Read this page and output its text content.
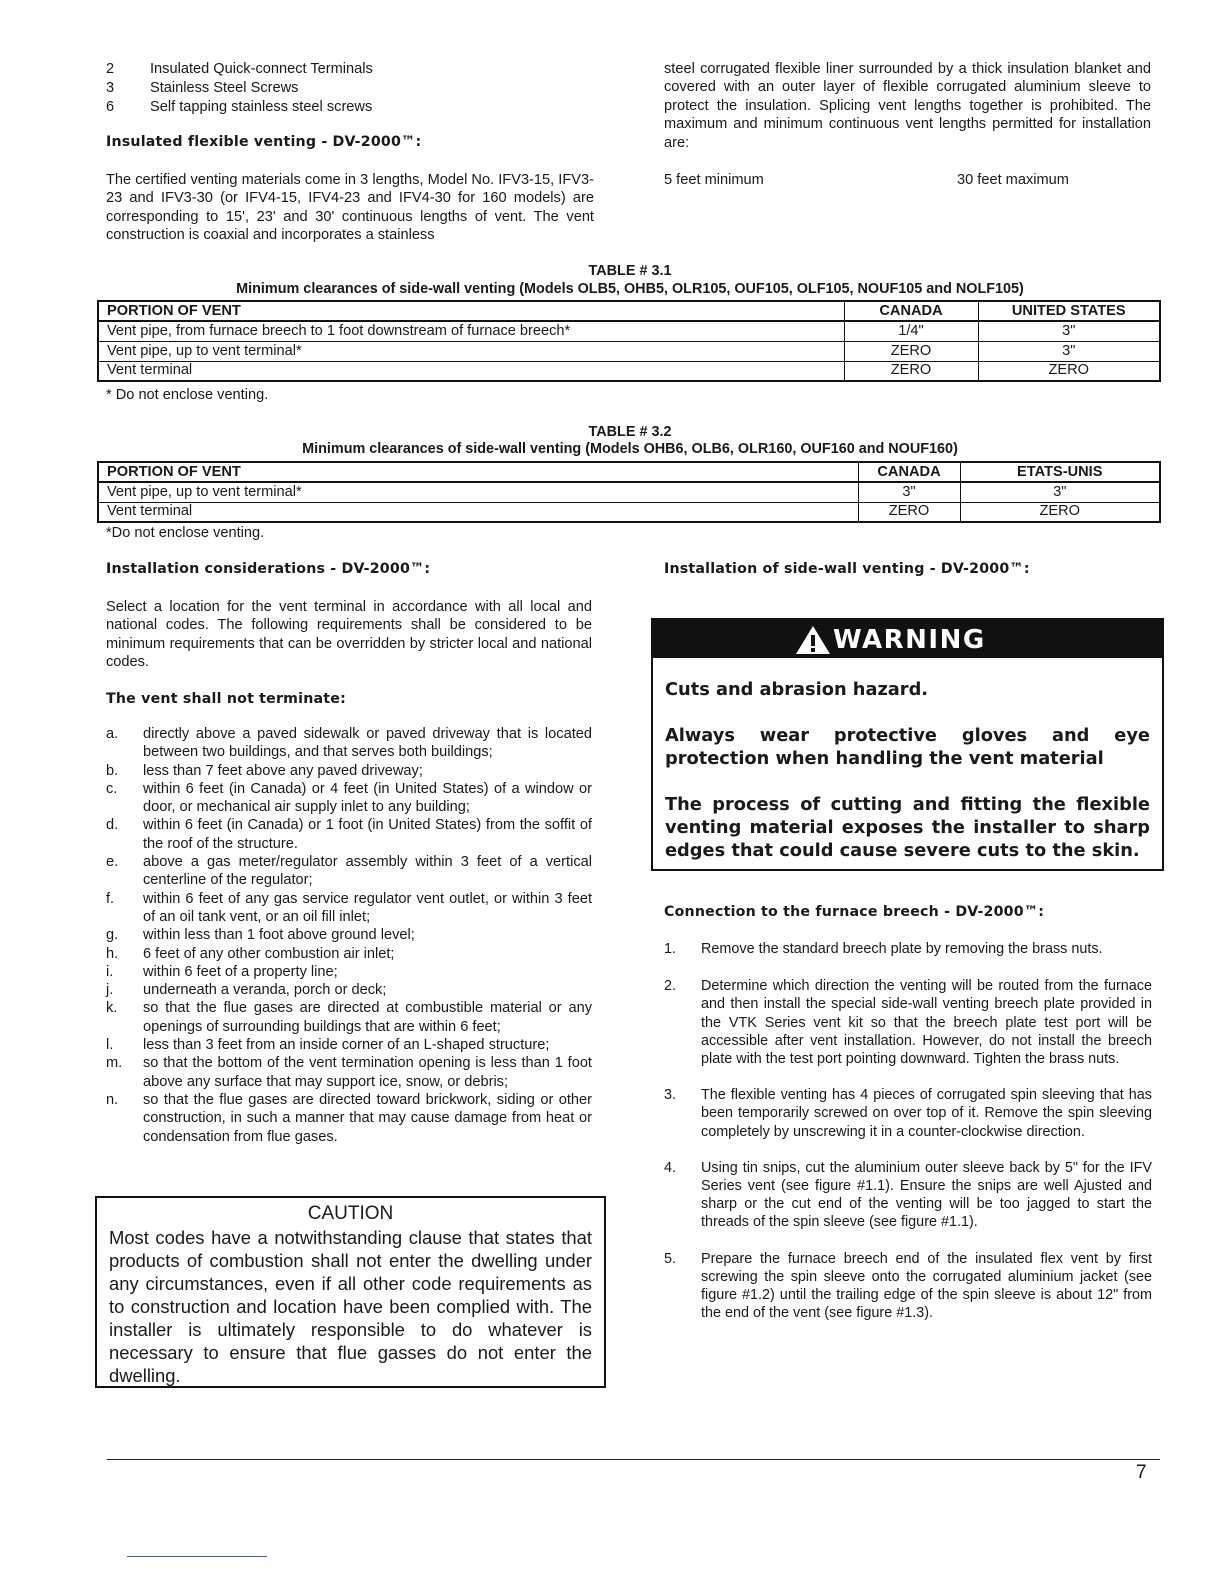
2	Insulated Quick-connect Terminals
3	Stainless Steel Screws
6	Self tapping stainless steel screws
Insulated flexible venting - DV-2000™:

The certified venting materials come in 3 lengths, Model No. IFV3-15, IFV3-23 and IFV3-30 (or IFV4-15, IFV4-23 and IFV4-30 for 160 models) are corresponding to 15', 23' and 30' continuous lengths of vent. The vent construction is coaxial and incorporates a stainless

steel corrugated flexible liner surrounded by a thick insulation blanket and covered with an outer layer of flexible corrugated aluminium sleeve to protect the insulation. Splicing vent lengths together is prohibited. The maximum and minimum continuous vent lengths permitted for installation are:

5 feet minimum	30 feet maximum
TABLE # 3.1
Minimum clearances of side-wall venting (Models OLB5, OHB5, OLR105, OUF105, OLF105, NOUF105 and NOLF105)
PORTION OF VENT	CANADA	UNITED STATES
Vent pipe, from furnace breech to 1 foot downstream of furnace breech*	1/4"	3"
Vent pipe, up to vent terminal*	ZERO	3"
Vent terminal	ZERO	ZERO
* Do not enclose venting.
TABLE # 3.2
Minimum clearances of side-wall venting (Models OHB6, OLB6, OLR160, OUF160 and NOUF160)
PORTION OF VENT	CANADA	ETATS-UNIS
Vent pipe, up to vent terminal*	3"	3"
Vent terminal	ZERO	ZERO
*Do not enclose venting.
Installation considerations - DV-2000™:

Select a location for the vent terminal in accordance with all local and national codes. The following requirements shall be considered to be minimum requirements that can be overridden by stricter local and national codes.

The vent shall not terminate:
a. directly above a paved sidewalk or paved driveway that is located between two buildings, and that serves both buildings;
b. less than 7 feet above any paved driveway;
c. within 6 feet (in Canada) or 4 feet (in United States) of a window or door, or mechanical air supply inlet to any building;
d. within 6 feet (in Canada) or 1 foot (in United States) from the soffit of the roof of the structure.
e. above a gas meter/regulator assembly within 3 feet of a vertical centerline of the regulator;
f. within 6 feet of any gas service regulator vent outlet, or within 3 feet of an oil tank vent, or an oil fill inlet;
g. within less than 1 foot above ground level;
h. 6 feet of any other combustion air inlet;
i. within 6 feet of a property line;
j. underneath a veranda, porch or deck;
k. so that the flue gases are directed at combustible material or any openings of surrounding buildings that are within 6 feet;
l. less than 3 feet from an inside corner of an L-shaped structure;
m. so that the bottom of the vent termination opening is less than 1 foot above any surface that may support ice, snow, or debris;
n. so that the flue gases are directed toward brickwork, siding or other construction, in such a manner that may cause damage from heat or condensation from flue gases.
CAUTION

Most codes have a notwithstanding clause that states that products of combustion shall not enter the dwelling under any circumstances, even if all other code requirements as to construction and location have been complied with. The installer is ultimately responsible to do whatever is necessary to ensure that flue gasses do not enter the dwelling.

Installation of side-wall venting - DV-2000™:
WARNING

Cuts and abrasion hazard.

Always wear protective gloves and eye protection when handling the vent material

The process of cutting and fitting the flexible venting material exposes the installer to sharp edges that could cause severe cuts to the skin.

Connection to the furnace breech - DV-2000™:
1. Remove the standard breech plate by removing the brass nuts.
2. Determine which direction the venting will be routed from the furnace and then install the special side-wall venting breech plate provided in the VTK Series vent kit so that the breech plate test port will be accessible after vent installation. However, do not install the breech plate with the test port pointing downward. Tighten the brass nuts.
3. The flexible venting has 4 pieces of corrugated spin sleeving that has been temporarily screwed on over top of it. Remove the spin sleeving completely by unscrewing it in a counter-clockwise direction.
4. Using tin snips, cut the aluminium outer sleeve back by 5" for the IFV Series vent (see figure #1.1). Ensure the snips are well Ajusted and sharp or the cut end of the venting will be too jagged to start the threads of the spin sleeve (see figure #1.1).
5. Prepare the furnace breech end of the insulated flex vent by first screwing the spin sleeve onto the corrugated aluminium jacket (see figure #1.2) until the trailing edge of the spin sleeve is about 12" from the end of the vent (see figure #1.3).
7
